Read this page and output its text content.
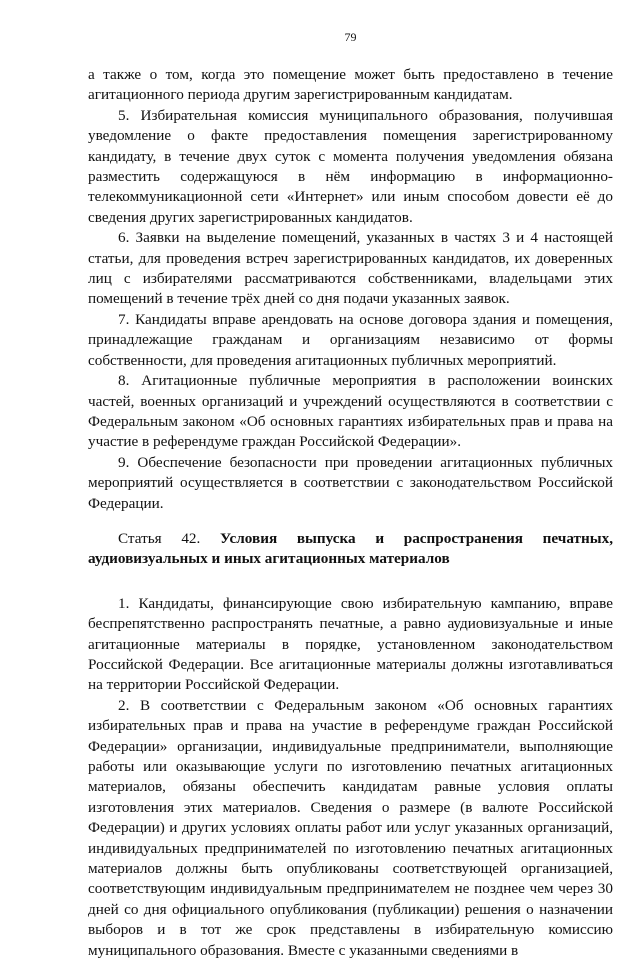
79

а также о том, когда это помещение может быть предоставлено в течение агитационного периода другим зарегистрированным кандидатам.

5. Избирательная комиссия муниципального образования, получившая уведомление о факте предоставления помещения зарегистрированному кандидату, в течение двух суток с момента получения уведомления обязана разместить содержащуюся в нём информацию в информационно-телекоммуникационной сети «Интернет» или иным способом довести её до сведения других зарегистрированных кандидатов.

6. Заявки на выделение помещений, указанных в частях 3 и 4 настоящей статьи, для проведения встреч зарегистрированных кандидатов, их доверенных лиц с избирателями рассматриваются собственниками, владельцами этих помещений в течение трёх дней со дня подачи указанных заявок.

7. Кандидаты вправе арендовать на основе договора здания и помещения, принадлежащие гражданам и организациям независимо от формы собственности, для проведения агитационных публичных мероприятий.

8. Агитационные публичные мероприятия в расположении воинских частей, военных организаций и учреждений осуществляются в соответствии с Федеральным законом «Об основных гарантиях избирательных прав и права на участие в референдуме граждан Российской Федерации».

9. Обеспечение безопасности при проведении агитационных публичных мероприятий осуществляется в соответствии с законодательством Российской Федерации.

Статья 42. Условия выпуска и распространения печатных, аудиовизуальных и иных агитационных материалов

1. Кандидаты, финансирующие свою избирательную кампанию, вправе беспрепятственно распространять печатные, а равно аудиовизуальные и иные агитационные материалы в порядке, установленном законодательством Российской Федерации. Все агитационные материалы должны изготавливаться на территории Российской Федерации.

2. В соответствии с Федеральным законом «Об основных гарантиях избирательных прав и права на участие в референдуме граждан Российской Федерации» организации, индивидуальные предприниматели, выполняющие работы или оказывающие услуги по изготовлению печатных агитационных материалов, обязаны обеспечить кандидатам равные условия оплаты изготовления этих материалов. Сведения о размере (в валюте Российской Федерации) и других условиях оплаты работ или услуг указанных организаций, индивидуальных предпринимателей по изготовлению печатных агитационных материалов должны быть опубликованы соответствующей организацией, соответствующим индивидуальным предпринимателем не позднее чем через 30 дней со дня официального опубликования (публикации) решения о назначении выборов и в тот же срок представлены в избирательную комиссию муниципального образования. Вместе с указанными сведениями в
